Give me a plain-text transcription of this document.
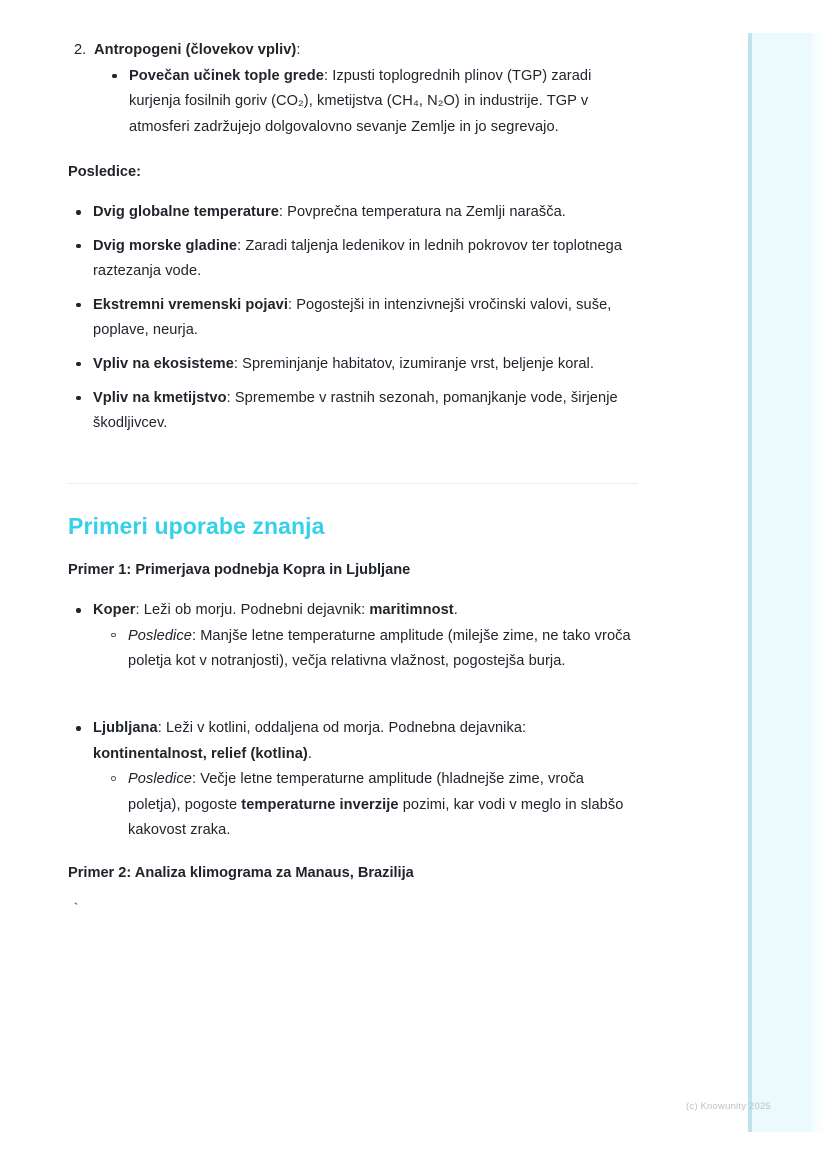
2. Antropogeni (človekov vpliv):
Povečan učinek tople grede: Izpusti toplogrednih plinov (TGP) zaradi kurjenja fosilnih goriv (CO₂), kmetijstva (CH₄, N₂O) in industrije. TGP v atmosferi zadržujejo dolgovalovno sevanje Zemlje in jo segrevajo.
Posledice:
Dvig globalne temperature: Povprečna temperatura na Zemlji narašča.
Dvig morske gladine: Zaradi taljenja ledenikov in lednih pokrovov ter toplotnega raztezanja vode.
Ekstremni vremenski pojavi: Pogostejši in intenzivnejši vročinski valovi, suše, poplave, neurja.
Vpliv na ekosisteme: Spreminjanje habitatov, izumiranje vrst, beljenje koral.
Vpliv na kmetijstvo: Spremembe v rastnih sezonah, pomanjkanje vode, širjenje škodljivcev.
Primeri uporabe znanja
Primer 1: Primerjava podnebja Kopra in Ljubljane
Koper: Leži ob morju. Podnebni dejavnik: maritimnost.
Posledice: Manjše letne temperaturne amplitude (milejše zime, ne tako vroča poletja kot v notranjosti), večja relativna vlažnost, pogostejša burja.
Ljubljana: Leži v kotlini, oddaljena od morja. Podnebna dejavnika: kontinentalnost, relief (kotlina).
Posledice: Večje letne temperaturne amplitude (hladnejše zime, vroča poletja), pogoste temperaturne inverzije pozimi, kar vodi v meglo in slabšo kakovost zraka.
Primer 2: Analiza klimograma za Manaus, Brazilija
`
(c) Knowunity 2025
